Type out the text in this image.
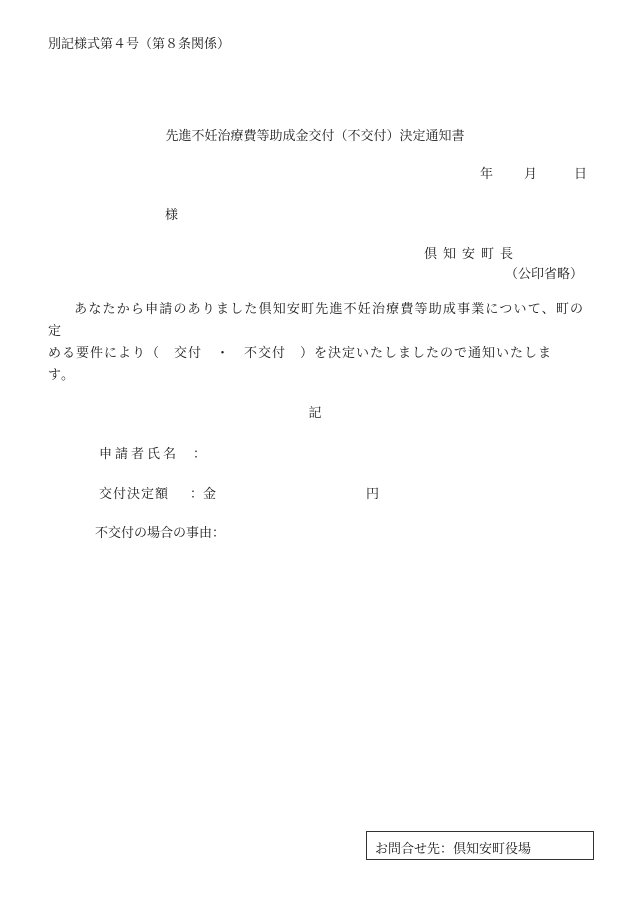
別記様式第４号（第８条関係）
先進不妊治療費等助成金交付（不交付）決定通知書
年 月	日
様
倶知安町長
（公印省略）
あなたから申請のありました倶知安町先進不妊治療費等助成事業について、町の定
める要件により（　交付　・　不交付　）を決定いたしましたので通知いたしま
す。
記
申請者氏名 ：
交付決定額 ：金	円
不交付の場合の事由：
お問合せ先：倶知安町役場
